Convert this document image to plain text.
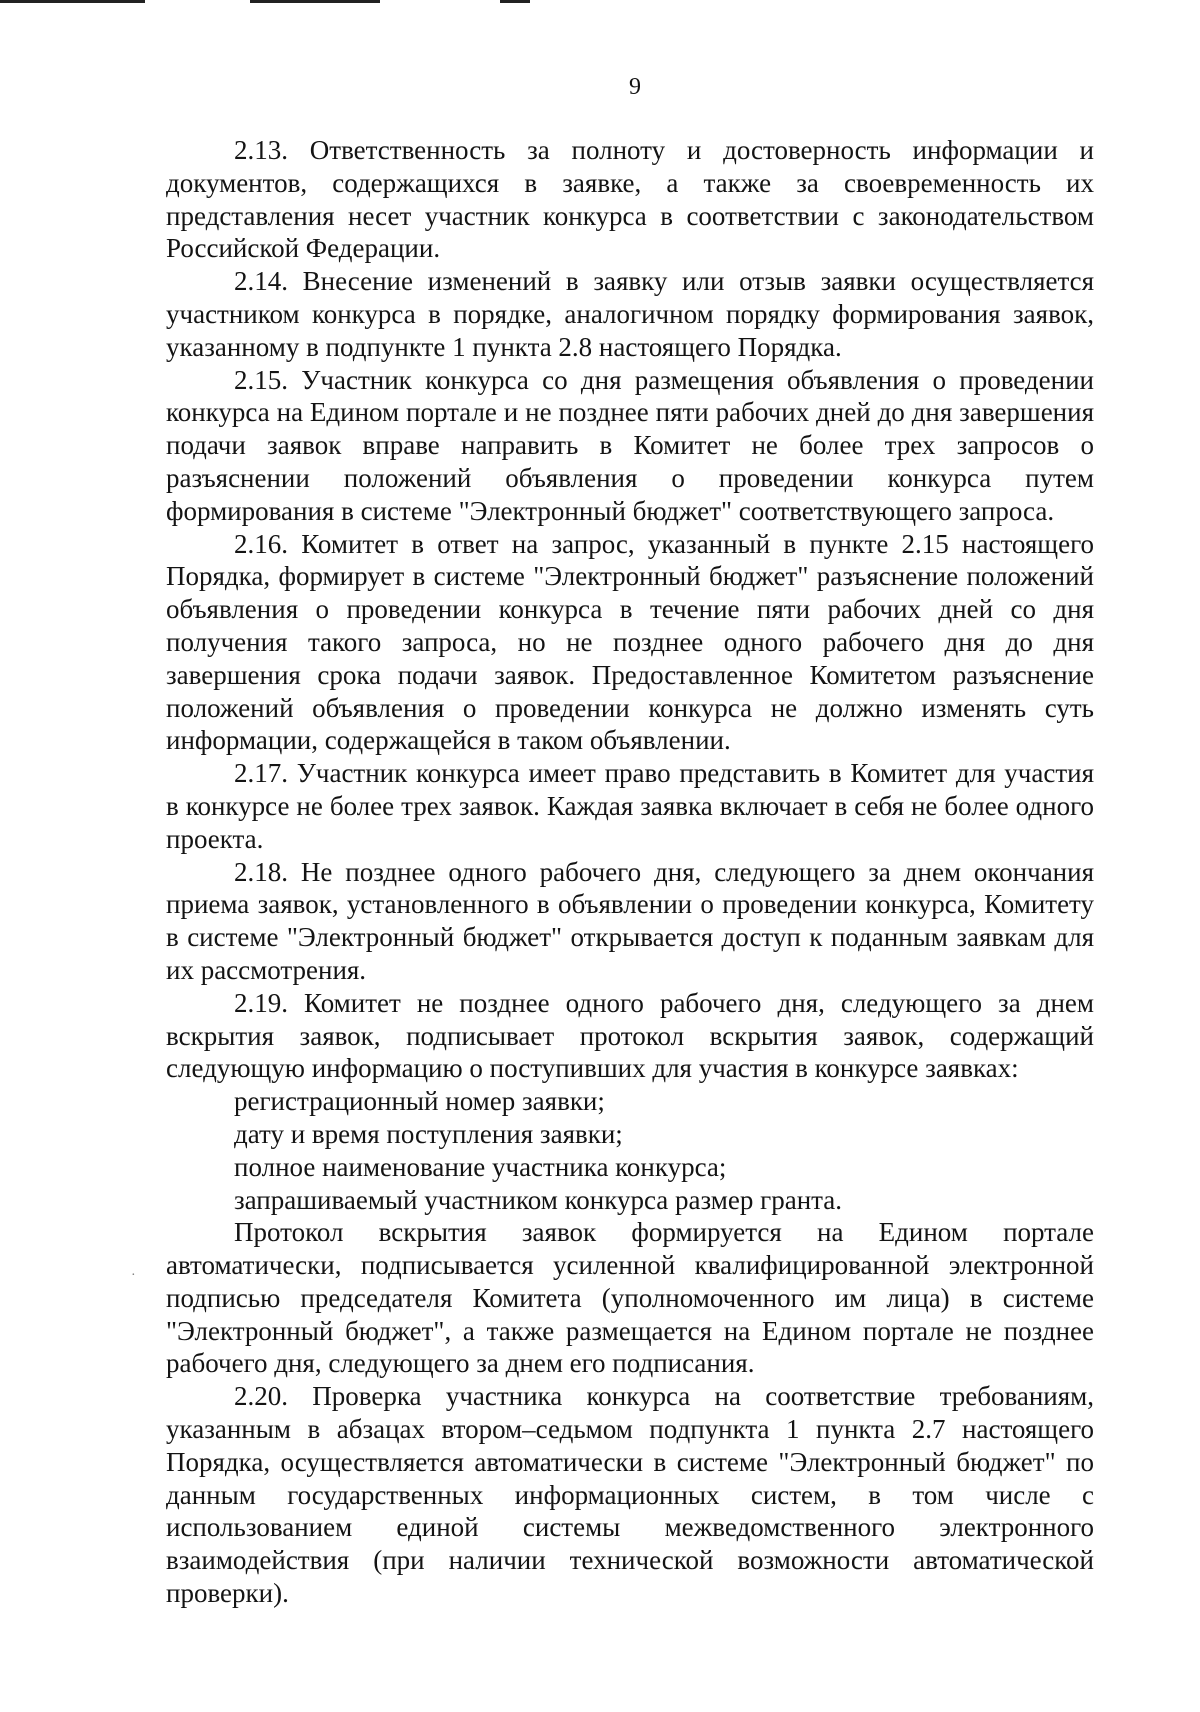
·
9

2.13. Ответственность за полноту и достоверность информации и документов, содержащихся в заявке, а также за своевременность их представления несет участник конкурса в соответствии с законодательством Российской Федерации.

2.14. Внесение изменений в заявку или отзыв заявки осуществляется участником конкурса в порядке, аналогичном порядку формирования заявок, указанному в подпункте 1 пункта 2.8 настоящего Порядка.

2.15. Участник конкурса со дня размещения объявления о проведении конкурса на Едином портале и не позднее пяти рабочих дней до дня завершения подачи заявок вправе направить в Комитет не более трех запросов о разъяснении положений объявления о проведении конкурса путем формирования в системе "Электронный бюджет" соответствующего запроса.

2.16. Комитет в ответ на запрос, указанный в пункте 2.15 настоящего Порядка, формирует в системе "Электронный бюджет" разъяснение положений объявления о проведении конкурса в течение пяти рабочих дней со дня получения такого запроса, но не позднее одного рабочего дня до дня завершения срока подачи заявок. Предоставленное Комитетом разъяснение положений объявления о проведении конкурса не должно изменять суть информации, содержащейся в таком объявлении.

2.17. Участник конкурса имеет право представить в Комитет для участия в конкурсе не более трех заявок. Каждая заявка включает в себя не более одного проекта.

2.18. Не позднее одного рабочего дня, следующего за днем окончания приема заявок, установленного в объявлении о проведении конкурса, Комитету в системе "Электронный бюджет" открывается доступ к поданным заявкам для их рассмотрения.

2.19. Комитет не позднее одного рабочего дня, следующего за днем вскрытия заявок, подписывает протокол вскрытия заявок, содержащий следующую информацию о поступивших для участия в конкурсе заявках:

регистрационный номер заявки;

дату и время поступления заявки;

полное наименование участника конкурса;

запрашиваемый участником конкурса размер гранта.

Протокол вскрытия заявок формируется на Едином портале автоматически, подписывается усиленной квалифицированной электронной подписью председателя Комитета (уполномоченного им лица) в системе "Электронный бюджет", а также размещается на Едином портале не позднее рабочего дня, следующего за днем его подписания.

2.20. Проверка участника конкурса на соответствие требованиям, указанным в абзацах втором–седьмом подпункта 1 пункта 2.7 настоящего Порядка, осуществляется автоматически в системе "Электронный бюджет" по данным государственных информационных систем, в том числе с использованием единой системы межведомственного электронного взаимодействия (при наличии технической возможности автоматической проверки).
